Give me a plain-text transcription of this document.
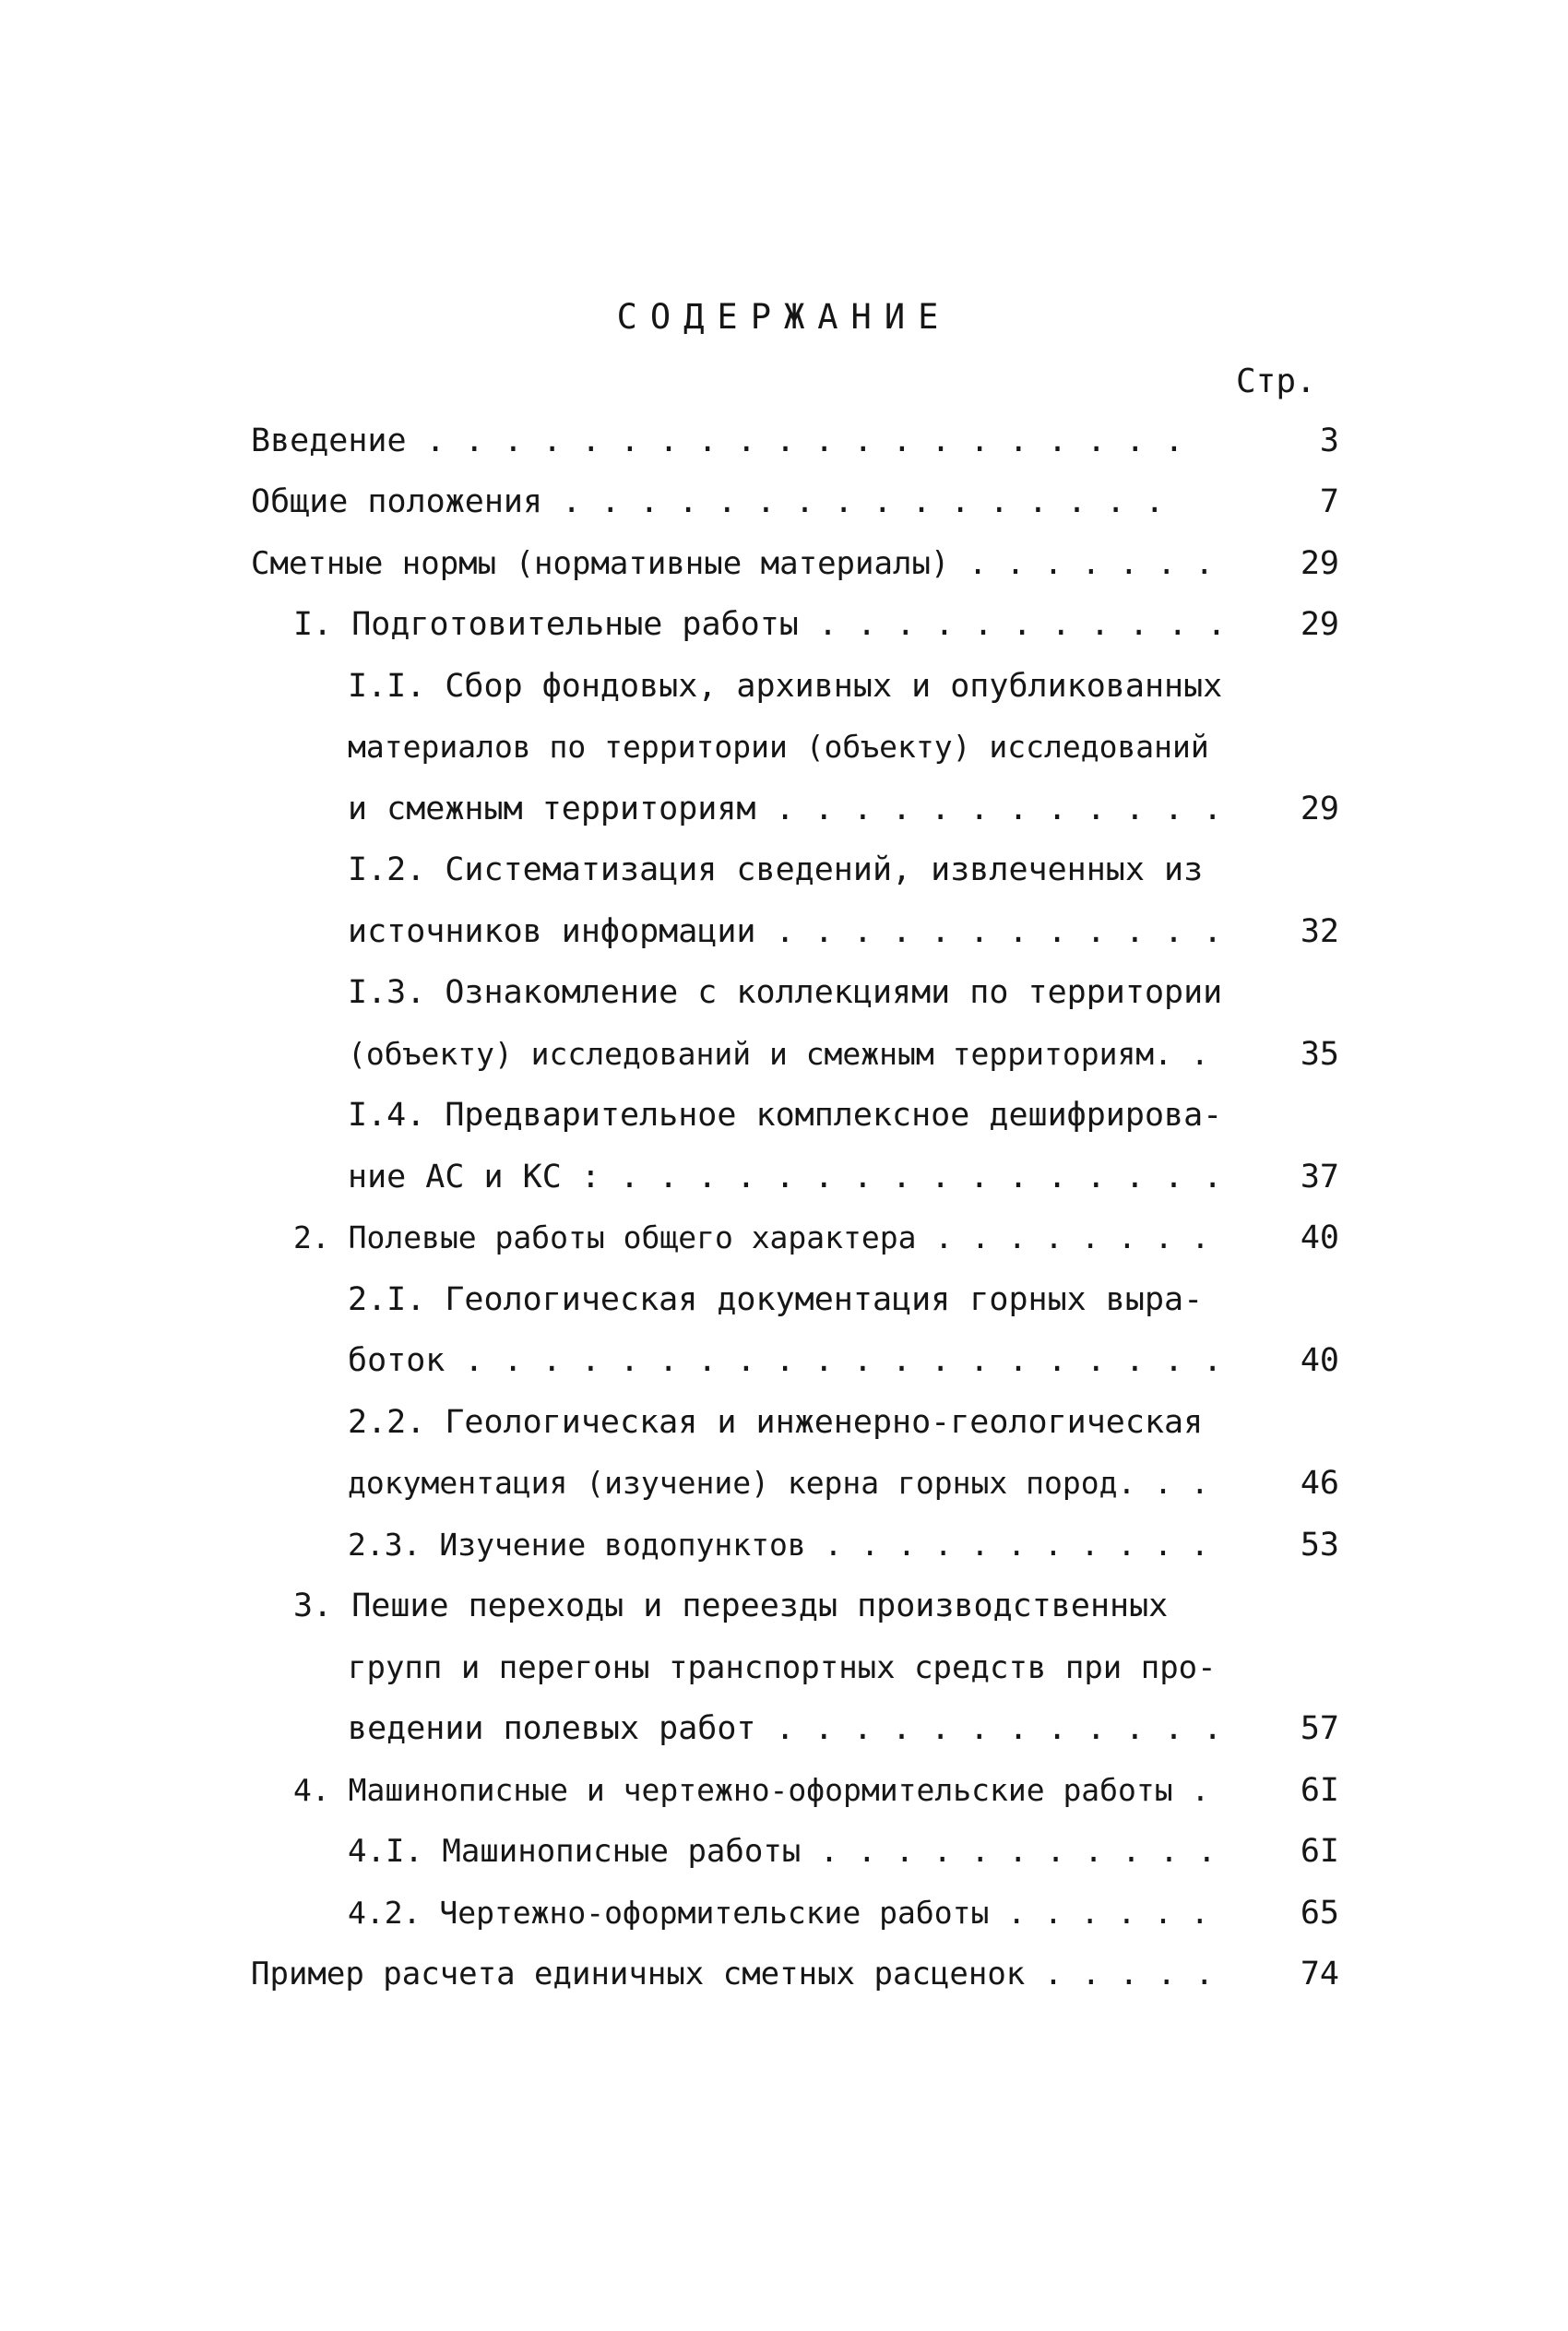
СОДЕРЖАНИЕ
Стр.
Введение . . . . . . . . . . . . . . . . . . . .	3
Общие положения . . . . . . . . . . . . . . . .	7
Сметные нормы (нормативные материалы) . . . . . . .	29
I. Подготовительные работы . . . . . . . . . . .	29
I.I. Сбор фондовых, архивных и опубликованных
материалов по территории (объекту) исследований
и смежным территориям . . . . . . . . . . . .	29
I.2. Систематизация сведений, извлеченных из
источников информации . . . . . . . . . . . .	32
I.3. Ознакомление с коллекциями по территории
(объекту) исследований и смежным территориям. .	35
I.4. Предварительное комплексное дешифрирова-
ние АС и КС : . . . . . . . . . . . . . . . .	37
2. Полевые работы общего характера . . . . . . . .	40
2.I. Геологическая документация горных выра-
боток . . . . . . . . . . . . . . . . . . . .	40
2.2. Геологическая и инженерно-геологическая
документация (изучение) керна горных пород. . .	46
2.3. Изучение водопунктов . . . . . . . . . . .	53
3. Пешие переходы и переезды производственных
групп и перегоны транспортных средств при про-
ведении полевых работ . . . . . . . . . . . .	57
4. Машинописные и чертежно-оформительские работы .	6I
4.I. Машинописные работы . . . . . . . . . . .	6I
4.2. Чертежно-оформительские работы . . . . . .	65
Пример расчета единичных сметных расценок . . . . .	74
